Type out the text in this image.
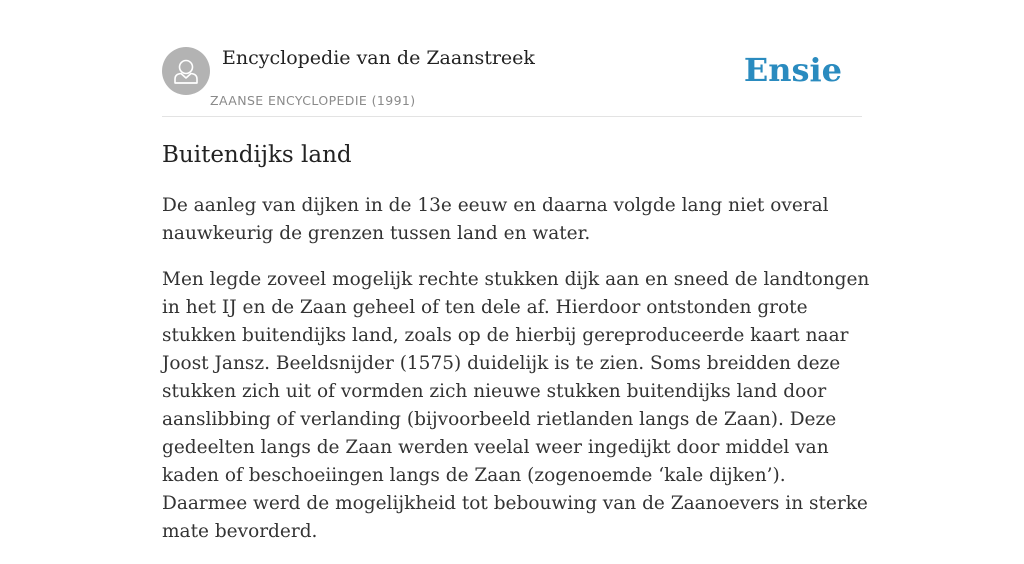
Encyclopedie van de Zaanstreek
ZAANSE ENCYCLOPEDIE (1991)
Ensie
Buitendijks land

De aanleg van dijken in de 13e eeuw en daarna volgde lang niet overal nauwkeurig de grenzen tussen land en water.

Men legde zoveel mogelijk rechte stukken dijk aan en sneed de landtongen in het IJ en de Zaan geheel of ten dele af. Hierdoor ontstonden grote stukken buitendijks land, zoals op de hierbij gereproduceerde kaart naar Joost Jansz. Beeldsnijder (1575) duidelijk is te zien. Soms breidden deze stukken zich uit of vormden zich nieuwe stukken buitendijks land door aanslibbing of verlanding (bijvoorbeeld rietlanden langs de Zaan). Deze gedeelten langs de Zaan werden veelal weer ingedijkt door middel van kaden of beschoeiingen langs de Zaan (zogenoemde ‘kale dijken’). Daarmee werd de mogelijkheid tot bebouwing van de Zaanoevers in sterke mate bevorderd.
